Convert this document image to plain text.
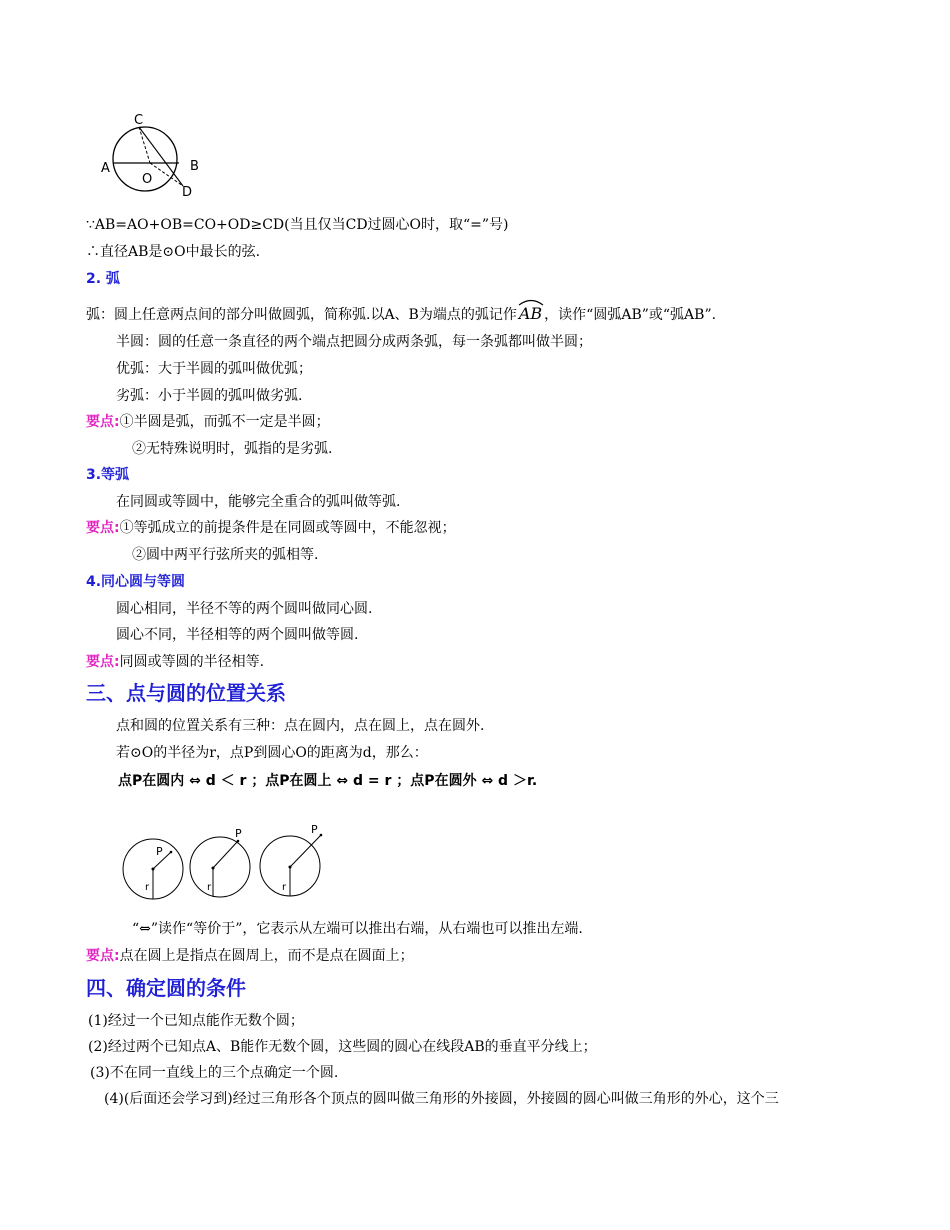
C
A
O
B
D
∵AB=AO+OB=CO+OD≥CD(当且仅当CD过圆心O时，取“=”号)
∴直径AB是⊙O中最长的弦.
2. 弧
弧：圆上任意两点间的部分叫做圆弧，简称弧.以A、B为端点的弧记作 AB ，读作“圆弧AB”或“弧AB”.
半圆：圆的任意一条直径的两个端点把圆分成两条弧，每一条弧都叫做半圆；
优弧：大于半圆的弧叫做优弧；
劣弧：小于半圆的弧叫做劣弧.
要点:①半圆是弧，而弧不一定是半圆；
②无特殊说明时，弧指的是劣弧.
3.等弧
在同圆或等圆中，能够完全重合的弧叫做等弧.
要点:①等弧成立的前提条件是在同圆或等圆中，不能忽视；
②圆中两平行弦所夹的弧相等.
4.同心圆与等圆
圆心相同，半径不等的两个圆叫做同心圆.
圆心不同，半径相等的两个圆叫做等圆.
要点:同圆或等圆的半径相等.
三、点与圆的位置关系
点和圆的位置关系有三种：点在圆内，点在圆上，点在圆外.
若⊙O的半径为r，点P到圆心O的距离为d，那么：
点P在圆内 ⇔ d ＜ r ；点P在圆上 ⇔ d = r ；点P在圆外 ⇔ d ＞r.
P
r
P
r
P
r
“⇔”读作“等价于”，它表示从左端可以推出右端，从右端也可以推出左端.
要点:点在圆上是指点在圆周上，而不是点在圆面上；
四、确定圆的条件
(1)经过一个已知点能作无数个圆；
(2)经过两个已知点A、B能作无数个圆，这些圆的圆心在线段AB的垂直平分线上；
(3)不在同一直线上的三个点确定一个圆.
(4)(后面还会学习到)经过三角形各个顶点的圆叫做三角形的外接圆，外接圆的圆心叫做三角形的外心，这个三
